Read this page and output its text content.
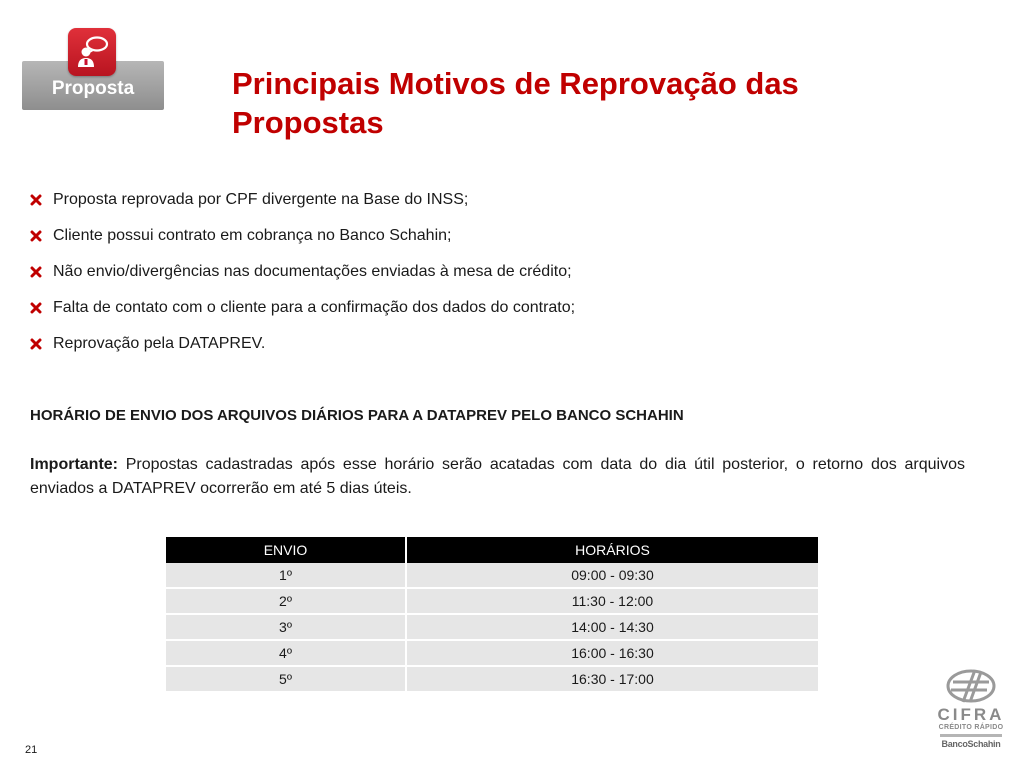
Proposta	Principais Motivos de Reprovação das Propostas
Proposta reprovada por CPF divergente na Base do INSS;
Cliente possui contrato em cobrança no Banco Schahin;
Não envio/divergências nas documentações enviadas à mesa de crédito;
Falta de contato com o cliente para a confirmação dos dados do contrato;
Reprovação pela DATAPREV.

HORÁRIO DE ENVIO DOS ARQUIVOS DIÁRIOS PARA A DATAPREV PELO BANCO SCHAHIN

Importante: Propostas cadastradas após esse horário serão acatadas com data do dia útil posterior, o retorno dos arquivos enviados a DATAPREV ocorrerão em até 5 dias úteis.

ENVIO	HORÁRIOS
1º	09:00 - 09:30
2º	11:30 - 12:00
3º	14:00 - 14:30
4º	16:00 - 16:30
5º	16:30 - 17:00
21
CIFRA
CRÉDITO RÁPIDO
BancoSchahin
